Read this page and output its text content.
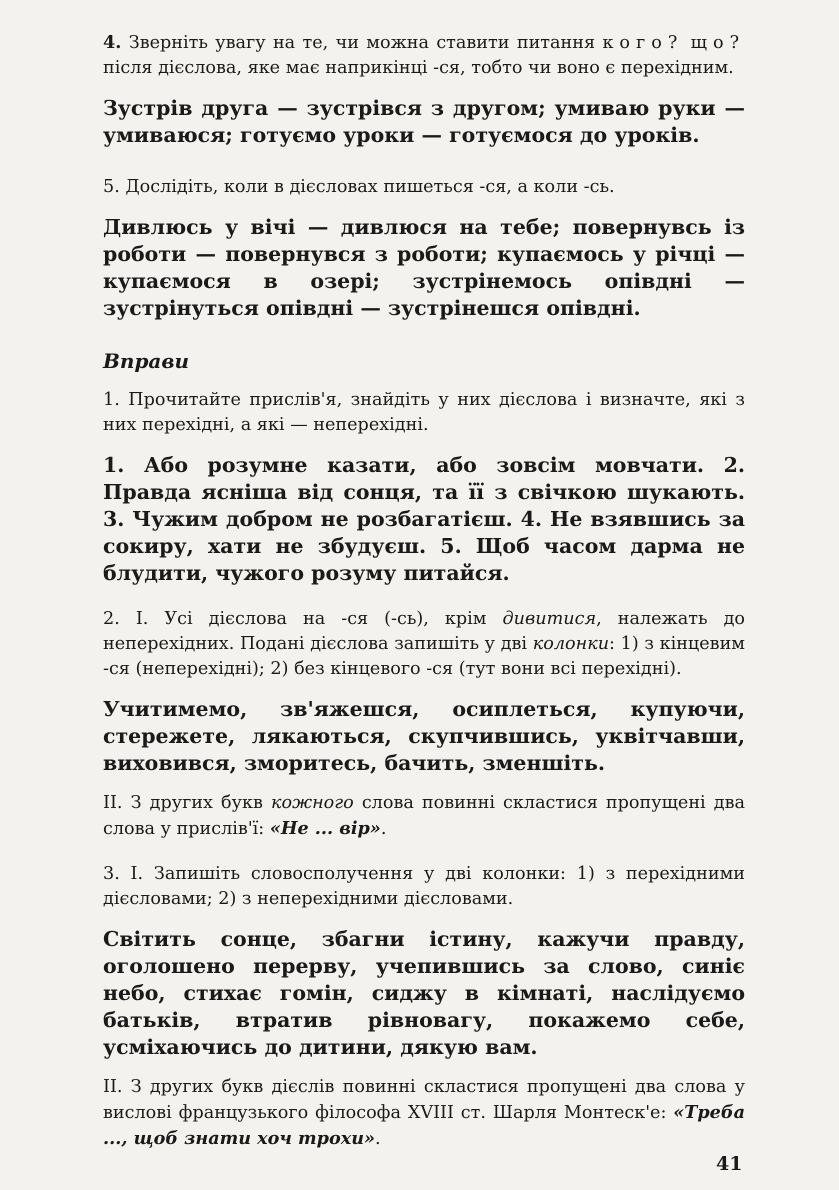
4. Зверніть увагу на те, чи можна ставити питання кого? що? після дієслова, яке має наприкінці -ся, тобто чи воно є перехідним.

Зустрів друга — зустрівся з другом; умиваю руки — умиваюся; готуємо уроки — готуємося до уроків.

5. Дослідіть, коли в дієсловах пишеться -ся, а коли -сь.

Дивлюсь у вічі — дивлюся на тебе; повернувсь із роботи — повернувся з роботи; купаємось у річці — купаємося в озері; зустрінемось опівдні — зустрінуться опівдні — зустрінешся опівдні.

Вправи

1. Прочитайте прислів'я, знайдіть у них дієслова і визначте, які з них перехідні, а які — неперехідні.

1. Або розумне казати, або зовсім мовчати. 2. Правда ясніша від сонця, та її з свічкою шукають. 3. Чужим добром не розбагатієш. 4. Не взявшись за сокиру, хати не збудуєш. 5. Щоб часом дарма не блудити, чужого розуму питайся.

2. І. Усі дієслова на -ся (-сь), крім дивитися, належать до неперехідних. Подані дієслова запишіть у дві колонки: 1) з кінцевим -ся (неперехідні); 2) без кінцевого -ся (тут вони всі перехідні).

Учитимемо, зв'яжешся, осиплеться, купуючи, стережете, лякаються, скупчившись, уквітчавши, виховився, зморитесь, бачить, зменшіть.

II. З других букв кожного слова повинні скластися пропущені два слова у прислів'ї: «Не ... вір».

3. І. Запишіть словосполучення у дві колонки: 1) з перехідними дієсловами; 2) з неперехідними дієсловами.

Світить сонце, збагни істину, кажучи правду, оголошено перерву, учепившись за слово, синіє небо, стихає гомін, сиджу в кімнаті, наслідуємо батьків, втратив рівновагу, покажемо себе, усміхаючись до дитини, дякую вам.

II. З других букв дієслів повинні скластися пропущені два слова у вислові французького філософа XVIII ст. Шарля Монтеск'е: «Треба ..., щоб знати хоч трохи».

41
